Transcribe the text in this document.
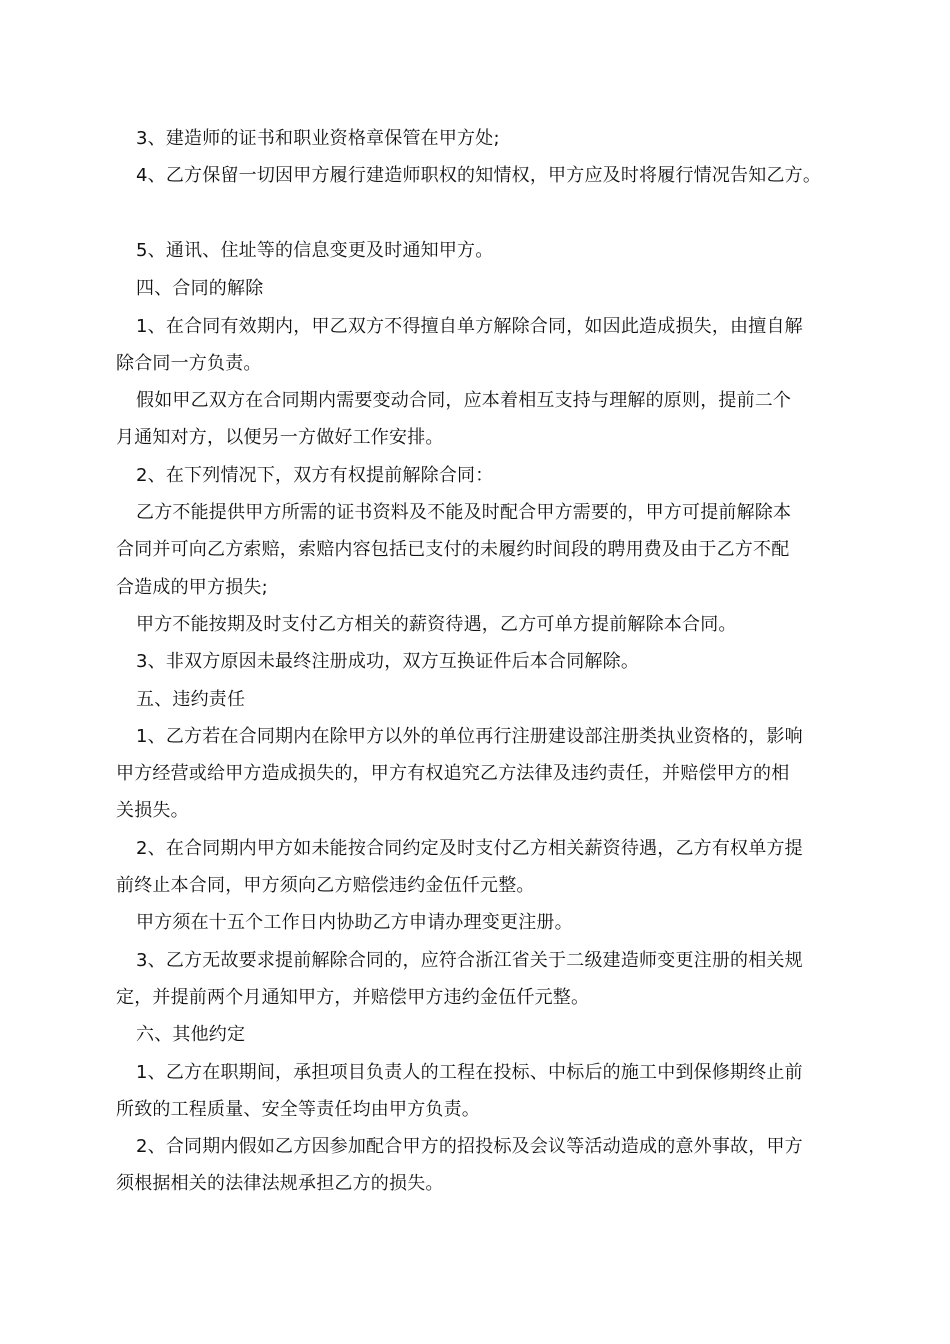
3、建造师的证书和职业资格章保管在甲方处;
4、乙方保留一切因甲方履行建造师职权的知情权，甲方应及时将履行情况告知乙方。
5、通讯、住址等的信息变更及时通知甲方。
四、合同的解除
1、在合同有效期内，甲乙双方不得擅自单方解除合同，如因此造成损失，由擅自解
除合同一方负责。
假如甲乙双方在合同期内需要变动合同，应本着相互支持与理解的原则，提前二个
月通知对方，以便另一方做好工作安排。
2、在下列情况下，双方有权提前解除合同：
乙方不能提供甲方所需的证书资料及不能及时配合甲方需要的，甲方可提前解除本
合同并可向乙方索赔，索赔内容包括已支付的未履约时间段的聘用费及由于乙方不配
合造成的甲方损失;
甲方不能按期及时支付乙方相关的薪资待遇，乙方可单方提前解除本合同。
3、非双方原因未最终注册成功，双方互换证件后本合同解除。
五、违约责任
1、乙方若在合同期内在除甲方以外的单位再行注册建设部注册类执业资格的，影响
甲方经营或给甲方造成损失的，甲方有权追究乙方法律及违约责任，并赔偿甲方的相
关损失。
2、在合同期内甲方如未能按合同约定及时支付乙方相关薪资待遇，乙方有权单方提
前终止本合同，甲方须向乙方赔偿违约金伍仟元整。
甲方须在十五个工作日内协助乙方申请办理变更注册。
3、乙方无故要求提前解除合同的，应符合浙江省关于二级建造师变更注册的相关规
定，并提前两个月通知甲方，并赔偿甲方违约金伍仟元整。
六、其他约定
1、乙方在职期间，承担项目负责人的工程在投标、中标后的施工中到保修期终止前
所致的工程质量、安全等责任均由甲方负责。
2、合同期内假如乙方因参加配合甲方的招投标及会议等活动造成的意外事故，甲方
须根据相关的法律法规承担乙方的损失。
